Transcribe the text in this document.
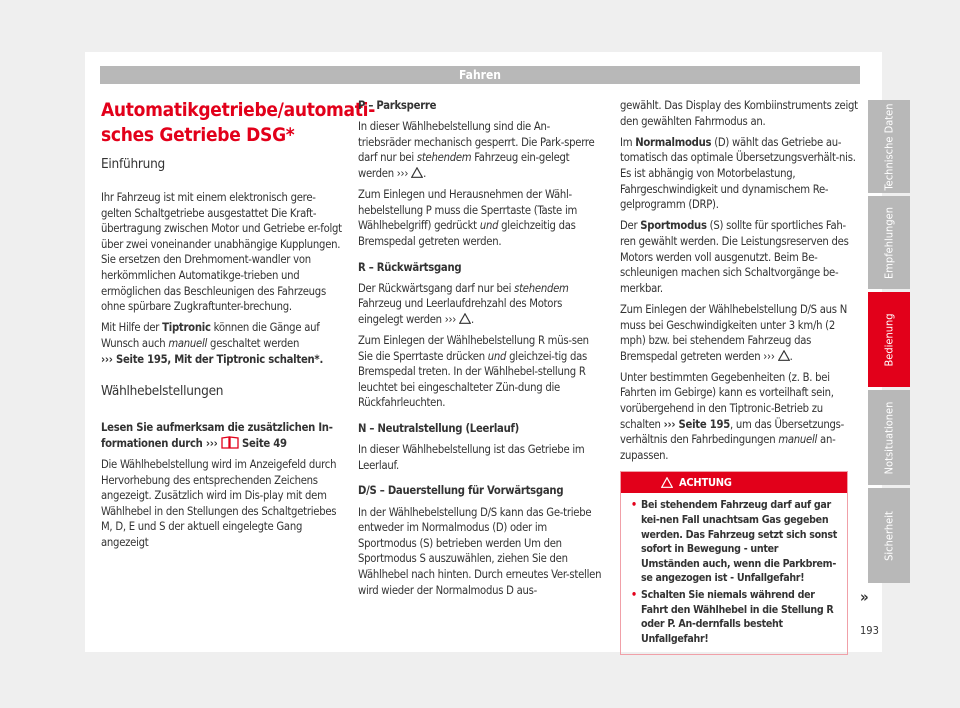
Fahren
Automatikgetriebe/automati-
sches Getriebe DSG*
Einführung

Ihr Fahrzeug ist mit einem elektronisch gere-gelten Schaltgetriebe ausgestattet Die Kraft-übertragung zwischen Motor und Getriebe er-folgt über zwei voneinander unabhängige Kupplungen. Sie ersetzen den Drehmoment-wandler von herkömmlichen Automatikge-trieben und ermöglichen das Beschleunigen des Fahrzeugs ohne spürbare Zugkraftunter-brechung.

Mit Hilfe der Tiptronic können die Gänge auf Wunsch auch manuell geschaltet werden
››› Seite 195, Mit der Tiptronic schalten*.

Wählhebelstellungen

Lesen Sie aufmerksam die zusätzlichen In-
formationen durch ›››  Seite 49

Die Wählhebelstellung wird im Anzeigefeld durch Hervorhebung des entsprechenden Zeichens angezeigt. Zusätzlich wird im Dis-play mit dem Wählhebel in den Stellungen des Schaltgetriebes M, D, E und S der aktuell eingelegte Gang angezeigt

P – Parksperre

In dieser Wählhebelstellung sind die An-triebsräder mechanisch gesperrt. Die Park-sperre darf nur bei stehendem Fahrzeug ein-gelegt werden ››› .

Zum Einlegen und Herausnehmen der Wähl-hebelstellung P muss die Sperrtaste (Taste im Wählhebelgriff) gedrückt und gleichzeitig das Bremspedal getreten werden.

R – Rückwärtsgang

Der Rückwärtsgang darf nur bei stehendem Fahrzeug und Leerlaufdrehzahl des Motors eingelegt werden ››› .

Zum Einlegen der Wählhebelstellung R müs-sen Sie die Sperrtaste drücken und gleichzei-tig das Bremspedal treten. In der Wählhebel-stellung R leuchtet bei eingeschalteter Zün-dung die Rückfahrleuchten.

N – Neutralstellung (Leerlauf)

In dieser Wählhebelstellung ist das Getriebe im Leerlauf.

D/S – Dauerstellung für Vorwärtsgang

In der Wählhebelstellung D/S kann das Ge-triebe entweder im Normalmodus (D) oder im Sportmodus (S) betrieben werden Um den Sportmodus S auszuwählen, ziehen Sie den Wählhebel nach hinten. Durch erneutes Ver-stellen wird wieder der Normalmodus D aus-

gewählt. Das Display des Kombiinstruments zeigt den gewählten Fahrmodus an.

Im Normalmodus (D) wählt das Getriebe au-tomatisch das optimale Übersetzungsverhält-nis. Es ist abhängig von Motorbelastung, Fahrgeschwindigkeit und dynamischem Re-gelprogramm (DRP).

Der Sportmodus (S) sollte für sportliches Fah-ren gewählt werden. Die Leistungsreserven des Motors werden voll ausgenutzt. Beim Be-schleunigen machen sich Schaltvorgänge be-merkbar.

Zum Einlegen der Wählhebelstellung D/S aus N muss bei Geschwindigkeiten unter 3 km/h (2 mph) bzw. bei stehendem Fahrzeug das Bremspedal getreten werden ››› .

Unter bestimmten Gegebenheiten (z. B. bei Fahrten im Gebirge) kann es vorteilhaft sein, vorübergehend in den Tiptronic-Betrieb zu schalten ››› Seite 195, um das Übersetzungs-verhältnis den Fahrbedingungen manuell an-zupassen.

ACHTUNG
• Bei stehendem Fahrzeug darf auf gar kei-nen Fall unachtsam Gas gegeben werden. Das Fahrzeug setzt sich sonst sofort in Bewegung - unter Umständen auch, wenn die Parkbrem-se angezogen ist - Unfallgefahr!
• Schalten Sie niemals während der Fahrt den Wählhebel in die Stellung R oder P. An-dernfalls besteht Unfallgefahr!
»
193
Technische Daten
Empfehlungen
Bedienung
Notsituationen
Sicherheit
